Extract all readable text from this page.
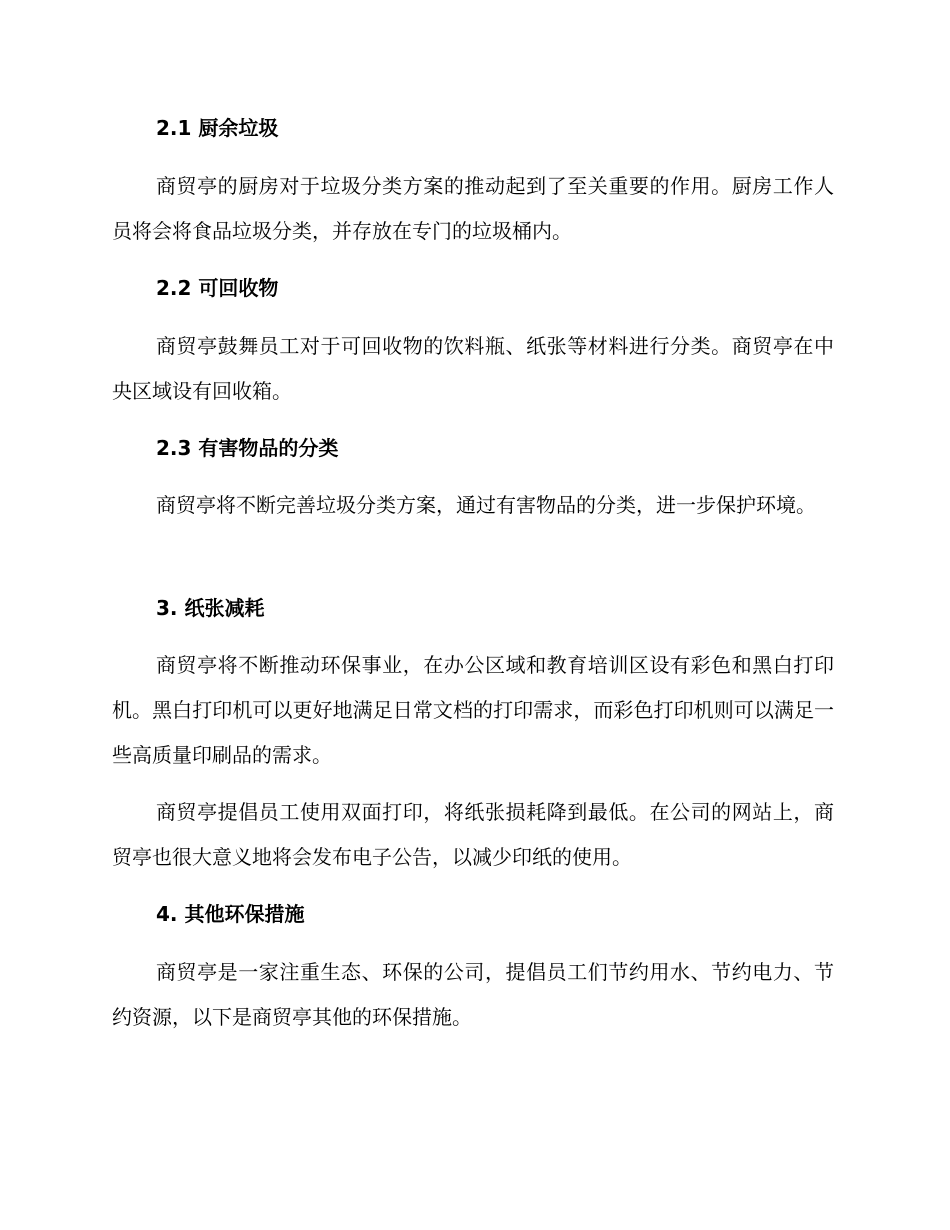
2.1 厨余垃圾
商贸亭的厨房对于垃圾分类方案的推动起到了至关重要的作用。厨房工作人员将会将食品垃圾分类，并存放在专门的垃圾桶内。
2.2 可回收物
商贸亭鼓舞员工对于可回收物的饮料瓶、纸张等材料进行分类。商贸亭在中央区域设有回收箱。
2.3 有害物品的分类
商贸亭将不断完善垃圾分类方案，通过有害物品的分类，进一步保护环境。
3. 纸张减耗
商贸亭将不断推动环保事业，在办公区域和教育培训区设有彩色和黑白打印机。黑白打印机可以更好地满足日常文档的打印需求，而彩色打印机则可以满足一些高质量印刷品的需求。
商贸亭提倡员工使用双面打印，将纸张损耗降到最低。在公司的网站上，商贸亭也很大意义地将会发布电子公告，以减少印纸的使用。
4. 其他环保措施
商贸亭是一家注重生态、环保的公司，提倡员工们节约用水、节约电力、节约资源，以下是商贸亭其他的环保措施。
